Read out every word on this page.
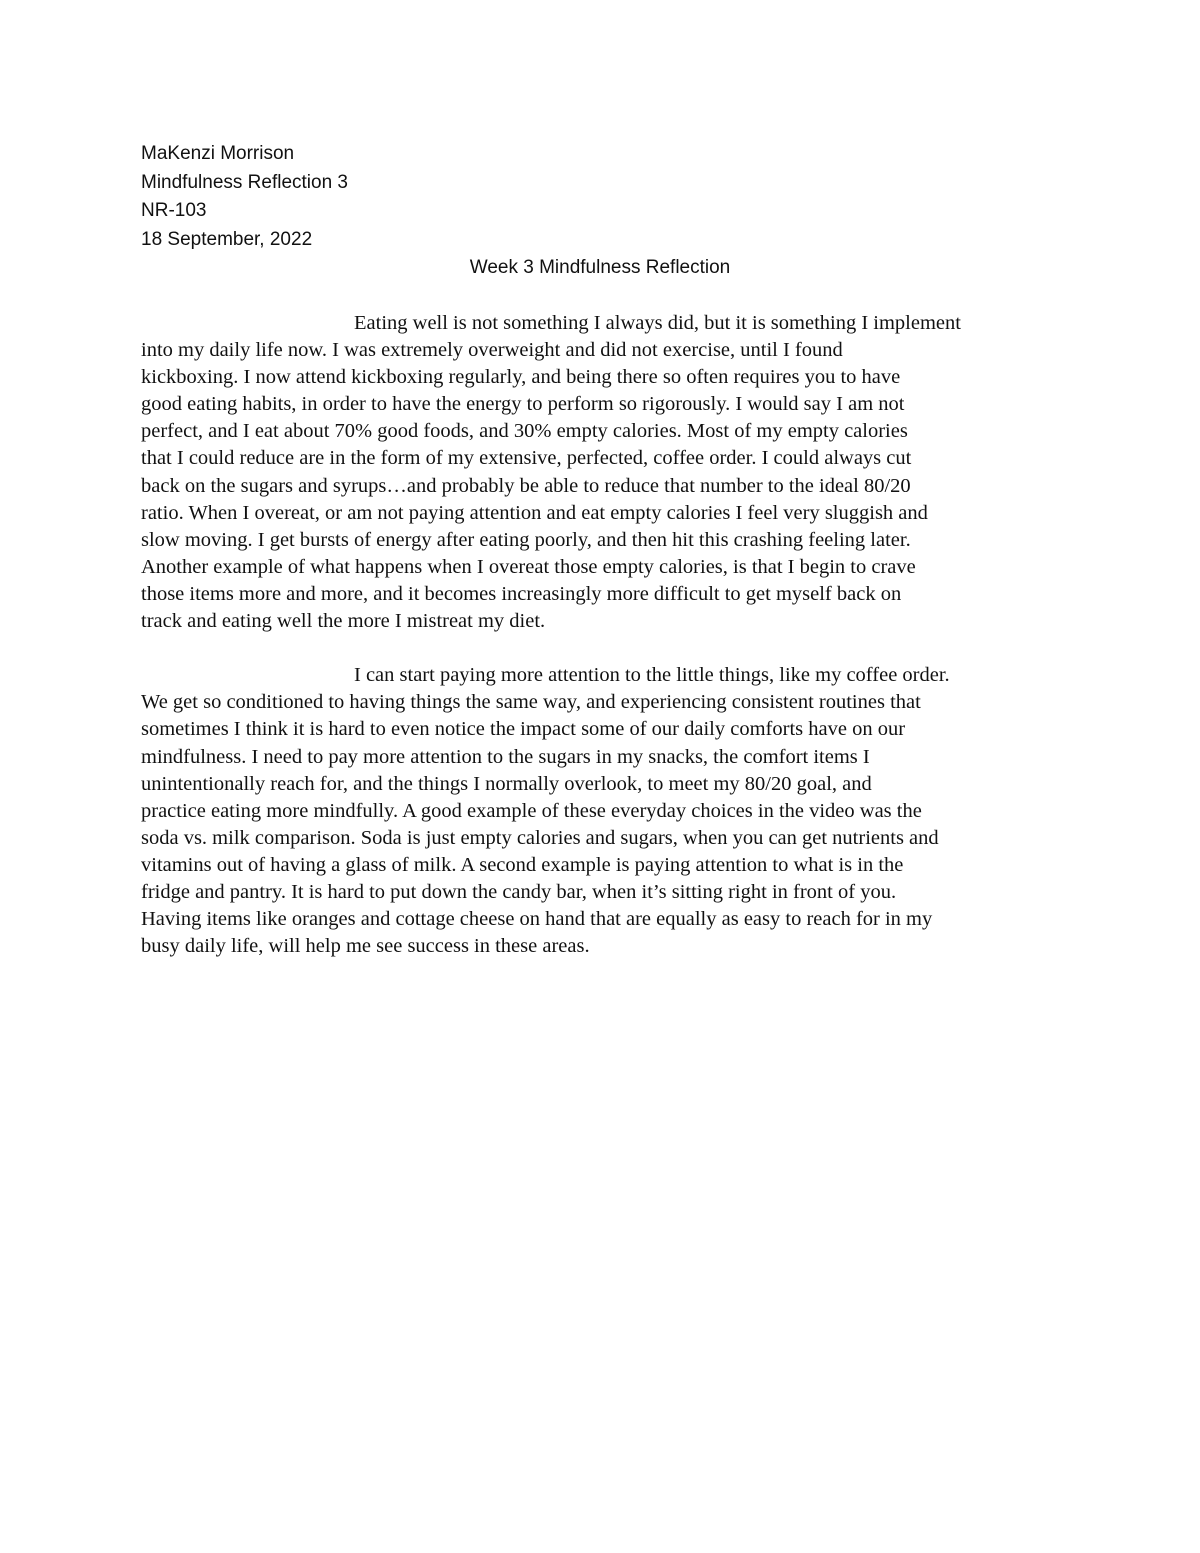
MaKenzi Morrison
Mindfulness Reflection 3
NR-103
18 September, 2022
Week 3 Mindfulness Reflection

Eating well is not something I always did, but it is something I implement
into my daily life now. I was extremely overweight and did not exercise, until I found
kickboxing. I now attend kickboxing regularly, and being there so often requires you to have
good eating habits, in order to have the energy to perform so rigorously. I would say I am not
perfect, and I eat about 70% good foods, and 30% empty calories. Most of my empty calories
that I could reduce are in the form of my extensive, perfected, coffee order. I could always cut
back on the sugars and syrups…and probably be able to reduce that number to the ideal 80/20
ratio. When I overeat, or am not paying attention and eat empty calories I feel very sluggish and
slow moving. I get bursts of energy after eating poorly, and then hit this crashing feeling later.
Another example of what happens when I overeat those empty calories, is that I begin to crave
those items more and more, and it becomes increasingly more difficult to get myself back on
track and eating well the more I mistreat my diet.

I can start paying more attention to the little things, like my coffee order.
We get so conditioned to having things the same way, and experiencing consistent routines that
sometimes I think it is hard to even notice the impact some of our daily comforts have on our
mindfulness. I need to pay more attention to the sugars in my snacks, the comfort items I
unintentionally reach for, and the things I normally overlook, to meet my 80/20 goal, and
practice eating more mindfully. A good example of these everyday choices in the video was the
soda vs. milk comparison. Soda is just empty calories and sugars, when you can get nutrients and
vitamins out of having a glass of milk. A second example is paying attention to what is in the
fridge and pantry. It is hard to put down the candy bar, when it’s sitting right in front of you.
Having items like oranges and cottage cheese on hand that are equally as easy to reach for in my
busy daily life, will help me see success in these areas.
